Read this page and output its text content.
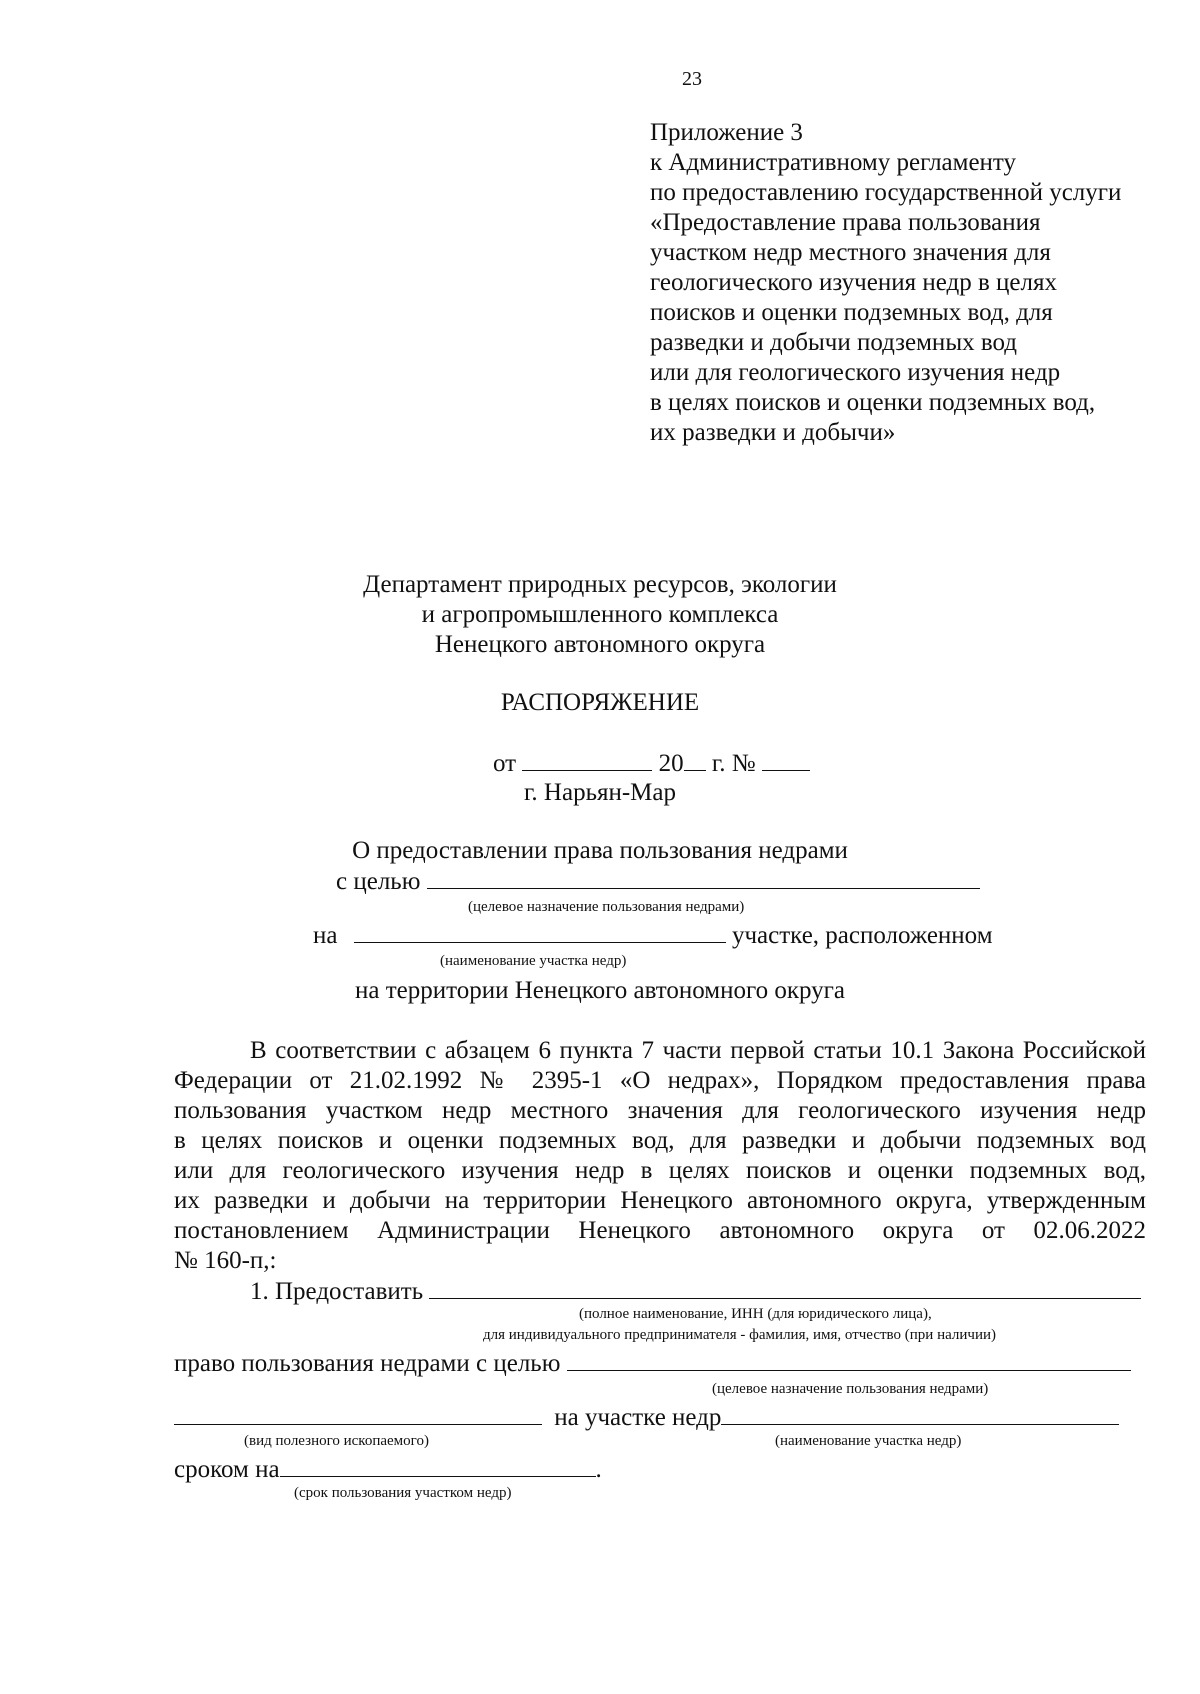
23
Приложение 3
к Административному регламенту
по предоставлению государственной услуги
«Предоставление права пользования
участком недр местного значения для
геологического изучения недр в целях
поисков и оценки подземных вод, для
разведки и добычи подземных вод
или для геологического изучения недр
в целях поисков и оценки подземных вод,
их разведки и добычи»
Департамент природных ресурсов, экологии
и агропромышленного комплекса
Ненецкого автономного округа
РАСПОРЯЖЕНИЕ
от	20 г. №
г. Нарьян-Мар
О предоставлении права пользования недрами
с целью
(целевое назначение пользования недрами)
на	участке, расположенном
(наименование участка недр)
на территории Ненецкого автономного округа
В соответствии с абзацем 6 пункта 7 части первой статьи 10.1 Закона Российской
Федерации от 21.02.1992 № 2395-1 «О недрах», Порядком предоставления права
пользования участком недр местного значения для геологического изучения недр
в целях поисков и оценки подземных вод, для разведки и добычи подземных вод
или для геологического изучения недр в целях поисков и оценки подземных вод,
их разведки и добычи на территории Ненецкого автономного округа, утвержденным
постановлением Администрации Ненецкого автономного округа от 02.06.2022
№ 160-п,:
1. Предоставить
(полное наименование, ИНН (для юридического лица),
для индивидуального предпринимателя - фамилия, имя, отчество (при наличии)
право пользования недрами с целью
(целевое назначение пользования недрами)
на участке недр
(вид полезного ископаемого)	(наименование участка недр)
сроком на	.
(срок пользования участком недр)
